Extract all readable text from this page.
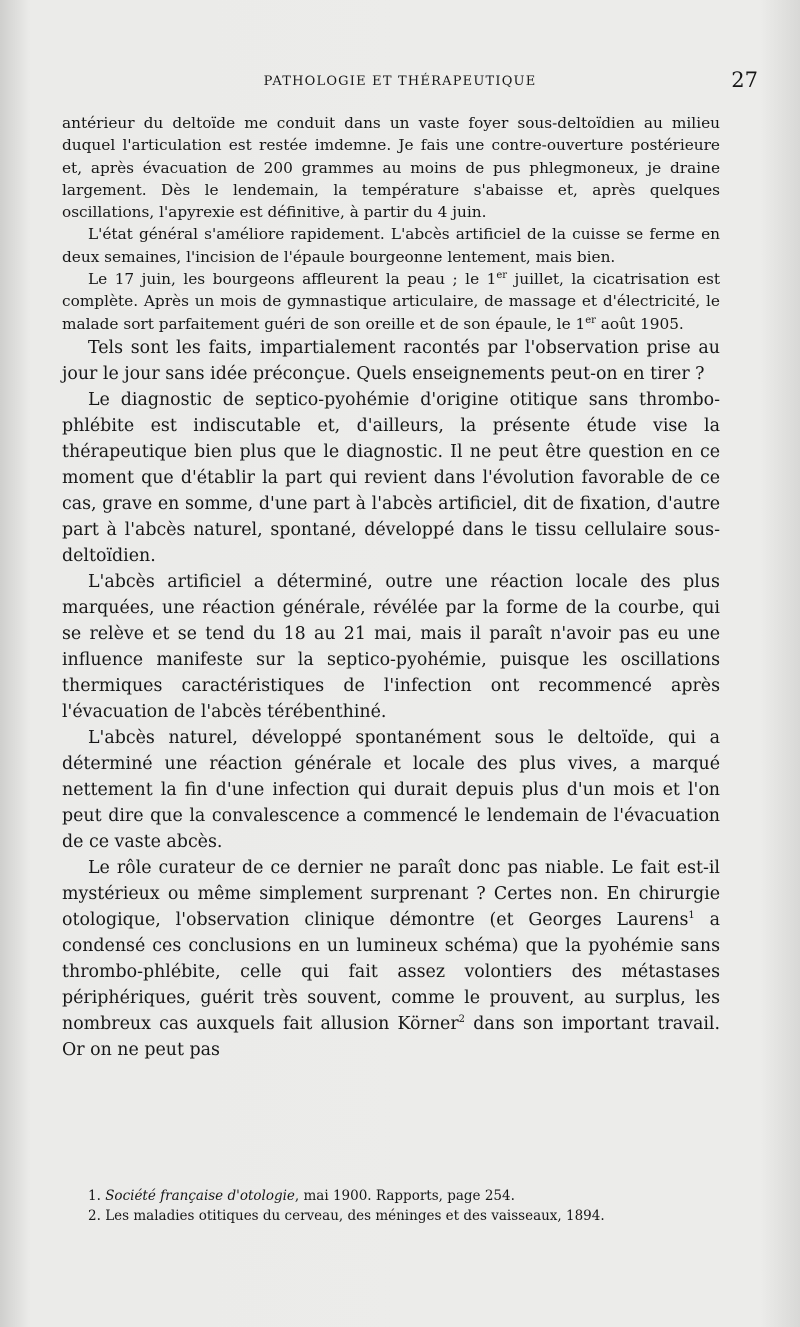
PATHOLOGIE ET THÉRAPEUTIQUE	27

antérieur du deltoïde me conduit dans un vaste foyer sous-deltoïdien au milieu duquel l'articulation est restée imdemne. Je fais une contre-ouverture postérieure et, après évacuation de 200 grammes au moins de pus phlegmoneux, je draine largement. Dès le lendemain, la température s'abaisse et, après quelques oscillations, l'apyrexie est définitive, à partir du 4 juin.

L'état général s'améliore rapidement. L'abcès artificiel de la cuisse se ferme en deux semaines, l'incision de l'épaule bourgeonne lentement, mais bien.

Le 17 juin, les bourgeons affleurent la peau ; le 1er juillet, la cicatrisation est complète. Après un mois de gymnastique articulaire, de massage et d'électricité, le malade sort parfaitement guéri de son oreille et de son épaule, le 1er août 1905.

Tels sont les faits, impartialement racontés par l'observation prise au jour le jour sans idée préconçue. Quels enseignements peut-on en tirer ?

Le diagnostic de septico-pyohémie d'origine otitique sans thrombo-phlébite est indiscutable et, d'ailleurs, la présente étude vise la thérapeutique bien plus que le diagnostic. Il ne peut être question en ce moment que d'établir la part qui revient dans l'évolution favorable de ce cas, grave en somme, d'une part à l'abcès artificiel, dit de fixation, d'autre part à l'abcès naturel, spontané, développé dans le tissu cellulaire sous-deltoïdien.

L'abcès artificiel a déterminé, outre une réaction locale des plus marquées, une réaction générale, révélée par la forme de la courbe, qui se relève et se tend du 18 au 21 mai, mais il paraît n'avoir pas eu une influence manifeste sur la septico-pyohémie, puisque les oscillations thermiques caractéristiques de l'infection ont recommencé après l'évacuation de l'abcès térébenthiné.

L'abcès naturel, développé spontanément sous le deltoïde, qui a déterminé une réaction générale et locale des plus vives, a marqué nettement la fin d'une infection qui durait depuis plus d'un mois et l'on peut dire que la convalescence a commencé le lendemain de l'évacuation de ce vaste abcès.

Le rôle curateur de ce dernier ne paraît donc pas niable. Le fait est-il mystérieux ou même simplement surprenant ? Certes non. En chirurgie otologique, l'observation clinique démontre (et Georges Laurens$^1$ a condensé ces conclusions en un lumineux schéma) que la pyohémie sans thrombo-phlébite, celle qui fait assez volontiers des métastases périphériques, guérit très souvent, comme le prouvent, au surplus, les nombreux cas auxquels fait allusion Körner$^2$ dans son important travail. Or on ne peut pas

1. Société française d'otologie, mai 1900. Rapports, page 254.

2. Les maladies otitiques du cerveau, des méninges et des vaisseaux, 1894.
